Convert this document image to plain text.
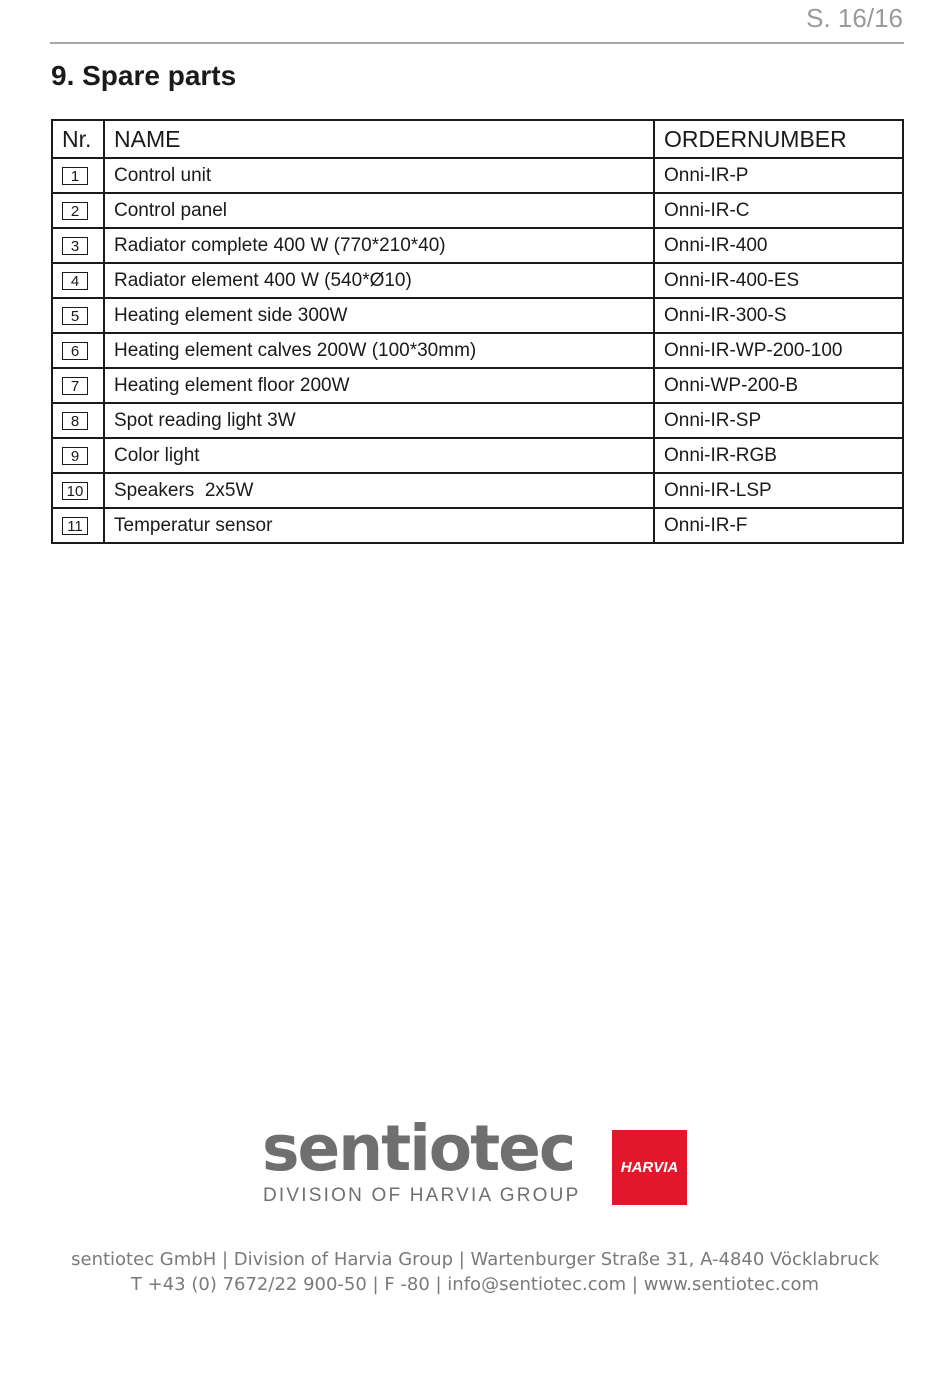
S. 16/16
9. Spare parts
Nr.	NAME	ORDERNUMBER
1	Control unit	Onni-IR-P
2	Control panel	Onni-IR-C
3	Radiator complete 400 W (770*210*40)	Onni-IR-400
4	Radiator element 400 W (540*Ø10)	Onni-IR-400-ES
5	Heating element side 300W	Onni-IR-300-S
6	Heating element calves 200W (100*30mm)	Onni-IR-WP-200-100
7	Heating element floor 200W	Onni-WP-200-B
8	Spot reading light 3W	Onni-IR-SP
9	Color light	Onni-IR-RGB
10	Speakers  2x5W	Onni-IR-LSP
11	Temperatur sensor	Onni-IR-F
sentiotec
DIVISION OF HARVIA GROUP
HARVIA
sentiotec GmbH | Division of Harvia Group | Wartenburger Straße 31, A-4840 Vöcklabruck
T +43 (0) 7672/22 900-50 | F -80 | info@sentiotec.com | www.sentiotec.com
